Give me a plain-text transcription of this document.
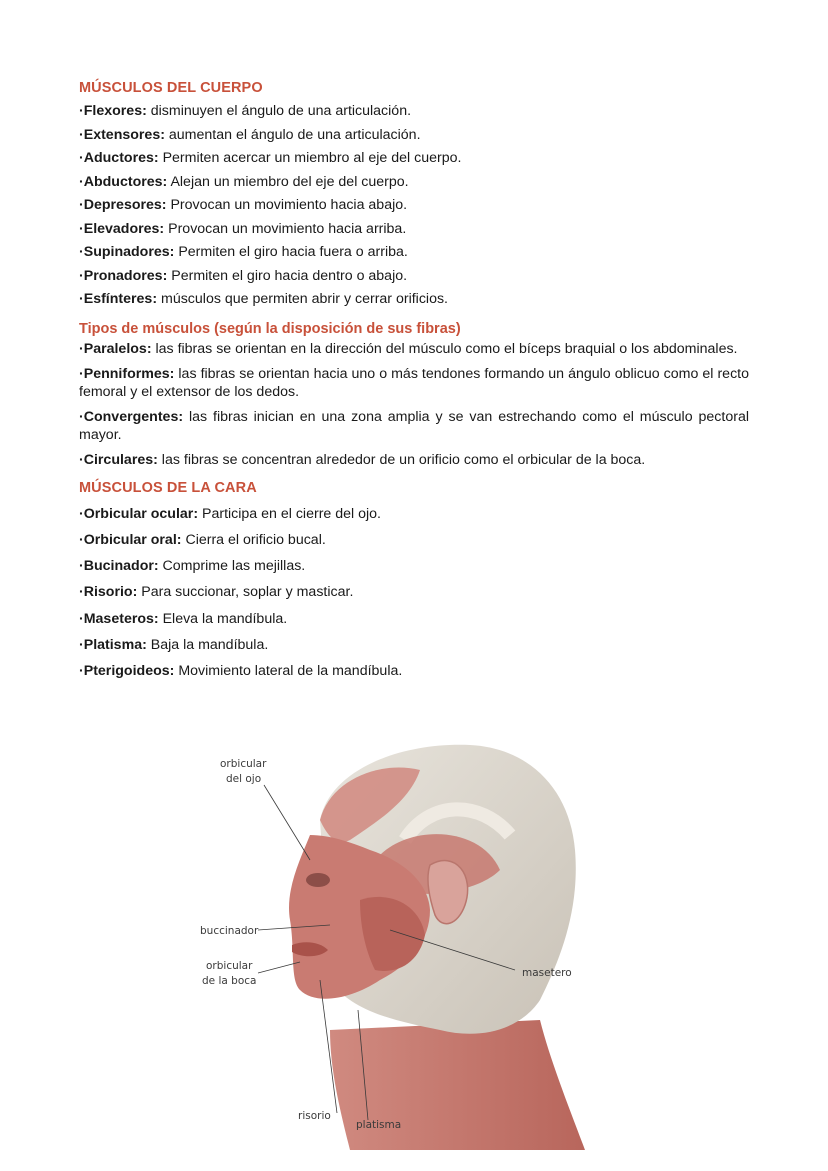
MÚSCULOS DEL CUERPO

·Flexores: disminuyen el ángulo de una articulación.

·Extensores: aumentan el ángulo de una articulación.

·Aductores: Permiten acercar un miembro al eje del cuerpo.

·Abductores: Alejan un miembro del eje del cuerpo.

·Depresores: Provocan un movimiento hacia abajo.

·Elevadores: Provocan un movimiento hacia arriba.

·Supinadores: Permiten el giro hacia fuera o arriba.

·Pronadores: Permiten el giro hacia dentro o abajo.

·Esfínteres: músculos que permiten abrir y cerrar orificios.

Tipos de músculos (según la disposición de sus fibras)

·Paralelos: las fibras se orientan en la dirección del músculo como el bíceps braquial o los abdominales.

·Penniformes: las fibras se orientan hacia uno o más tendones formando un ángulo oblicuo como el recto femoral y el extensor de los dedos.

·Convergentes: las fibras inician en una zona amplia y se van estrechando como el músculo pectoral mayor.

·Circulares: las fibras se concentran alrededor de un orificio como el orbicular de la boca.

MÚSCULOS DE LA CARA

·Orbicular ocular: Participa en el cierre del ojo.

·Orbicular oral: Cierra el orificio bucal.

·Bucinador: Comprime las mejillas.

·Risorio: Para succionar, soplar y masticar.

·Maseteros: Eleva la mandíbula.

·Platisma: Baja la mandíbula.

·Pterigoideos: Movimiento lateral de la mandíbula.

orbicular
del ojo
buccinador
orbicular
de la boca
masetero
risorio
platisma
